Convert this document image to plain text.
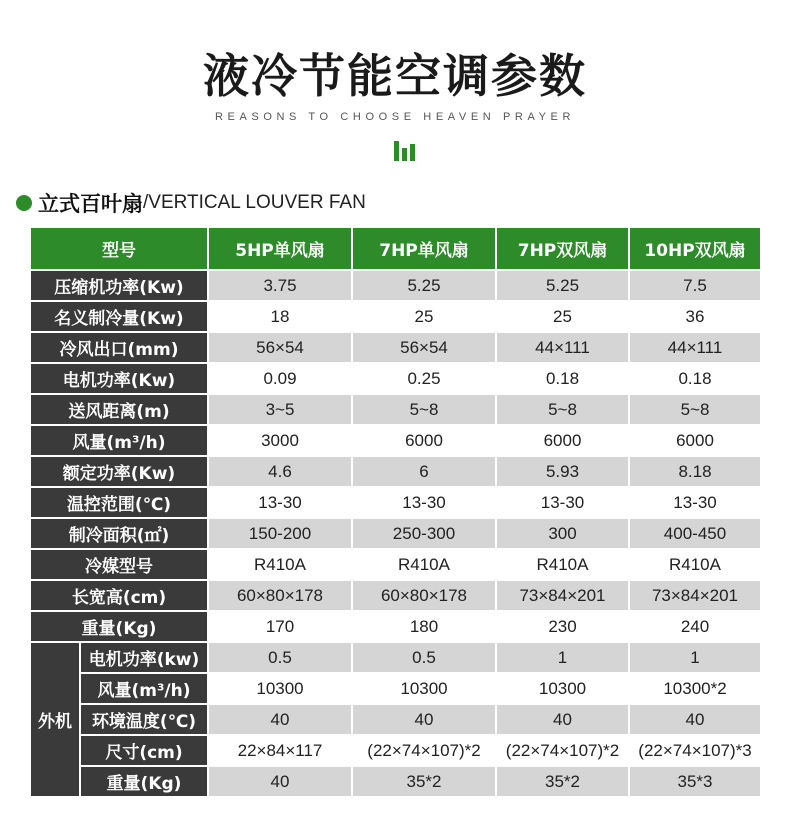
液冷节能空调参数
REASONS TO CHOOSE HEAVEN PRAYER
立式百叶扇 /VERTICAL LOUVER FAN
型号		5HP单风扇	7HP单风扇	7HP双风扇	10HP双风扇
压缩机功率(Kw)		3.75	5.25	5.25	7.5
名义制冷量(Kw)		18	25	25	36
冷风出口(mm)		56×54	56×54	44×111	44×111
电机功率(Kw)		0.09	0.25	0.18	0.18
送风距离(m)		3~5	5~8	5~8	5~8
风量(m³/h)		3000	6000	6000	6000
额定功率(Kw)		4.6	6	5.93	8.18
温控范围(℃)		13-30	13-30	13-30	13-30
制冷面积(㎡)		150-200	250-300	300	400-450
冷媒型号		R410A	R410A	R410A	R410A
长宽高(cm)		60×80×178	60×80×178	73×84×201	73×84×201
重量(Kg)		170	180	230	240
外机	电机功率(kw)	0.5	0.5	1	1
	风量(m³/h)	10300	10300	10300	10300*2
	环境温度(℃)	40	40	40	40
	尺寸(cm)	22×84×117	(22×74×107)*2	(22×74×107)*2	(22×74×107)*3
	重量(Kg)	40	35*2	35*2	35*3
